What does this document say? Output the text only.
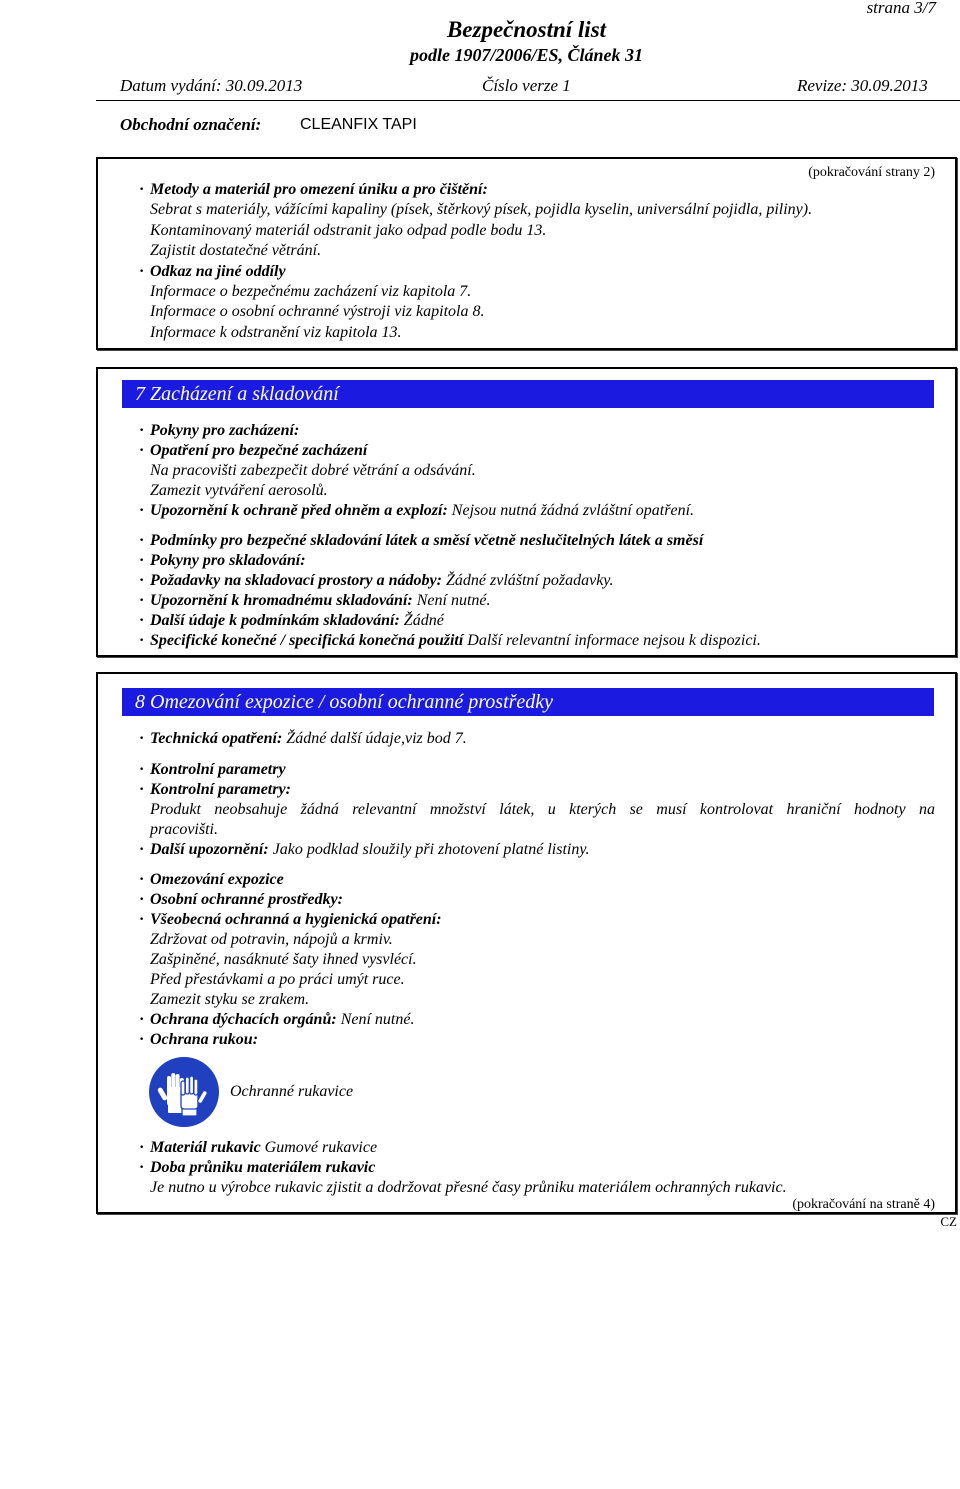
strana 3/7
Bezpečnostní list
podle 1907/2006/ES, Článek 31
Datum vydání: 30.09.2013	Číslo verze 1	Revize: 30.09.2013
Obchodní označení: CLEANFIX TAPI
(pokračování strany 2)
· Metody a materiál pro omezení úniku a pro čištění:
Sebrat s materiály, vážícími kapaliny (písek, štěrkový písek, pojidla kyselin, universální pojidla, piliny).
Kontaminovaný materiál odstranit jako odpad podle bodu 13.
Zajistit dostatečné větrání.
· Odkaz na jiné oddíly
Informace o bezpečnému zacházení viz kapitola 7.
Informace o osobní ochranné výstroji viz kapitola 8.
Informace k odstranění viz kapitola 13.
7 Zacházení a skladování
· Pokyny pro zacházení:
· Opatření pro bezpečné zacházení
Na pracovišti zabezpečit dobré větrání a odsávání.
Zamezit vytváření aerosolů.
· Upozornění k ochraně před ohněm a explozí: Nejsou nutná žádná zvláštní opatření.
· Podmínky pro bezpečné skladování látek a směsí včetně neslučitelných látek a směsí
· Pokyny pro skladování:
· Požadavky na skladovací prostory a nádoby: Žádné zvláštní požadavky.
· Upozornění k hromadnému skladování: Není nutné.
· Další údaje k podmínkám skladování: Žádné
· Specifické konečné / specifická konečná použití Další relevantní informace nejsou k dispozici.
8 Omezování expozice / osobní ochranné prostředky
· Technická opatření: Žádné další údaje,viz bod 7.
· Kontrolní parametry
· Kontrolní parametry:
Produkt neobsahuje žádná relevantní množství látek, u kterých se musí kontrolovat hraniční hodnoty na
pracovišti.
· Další upozornění: Jako podklad sloužily při zhotovení platné listiny.
· Omezování expozice
· Osobní ochranné prostředky:
· Všeobecná ochranná a hygienická opatření:
Zdržovat od potravin, nápojů a krmiv.
Zašpiněné, nasáknuté šaty ihned vysvlécí.
Před přestávkami a po práci umýt ruce.
Zamezit styku se zrakem.
· Ochrana dýchacích orgánů: Není nutné.
· Ochrana rukou:
Ochranné rukavice
· Materiál rukavic Gumové rukavice
· Doba průniku materiálem rukavic
Je nutno u výrobce rukavic zjistit a dodržovat přesné časy průniku materiálem ochranných rukavic.
(pokračování na straně 4)
CZ
